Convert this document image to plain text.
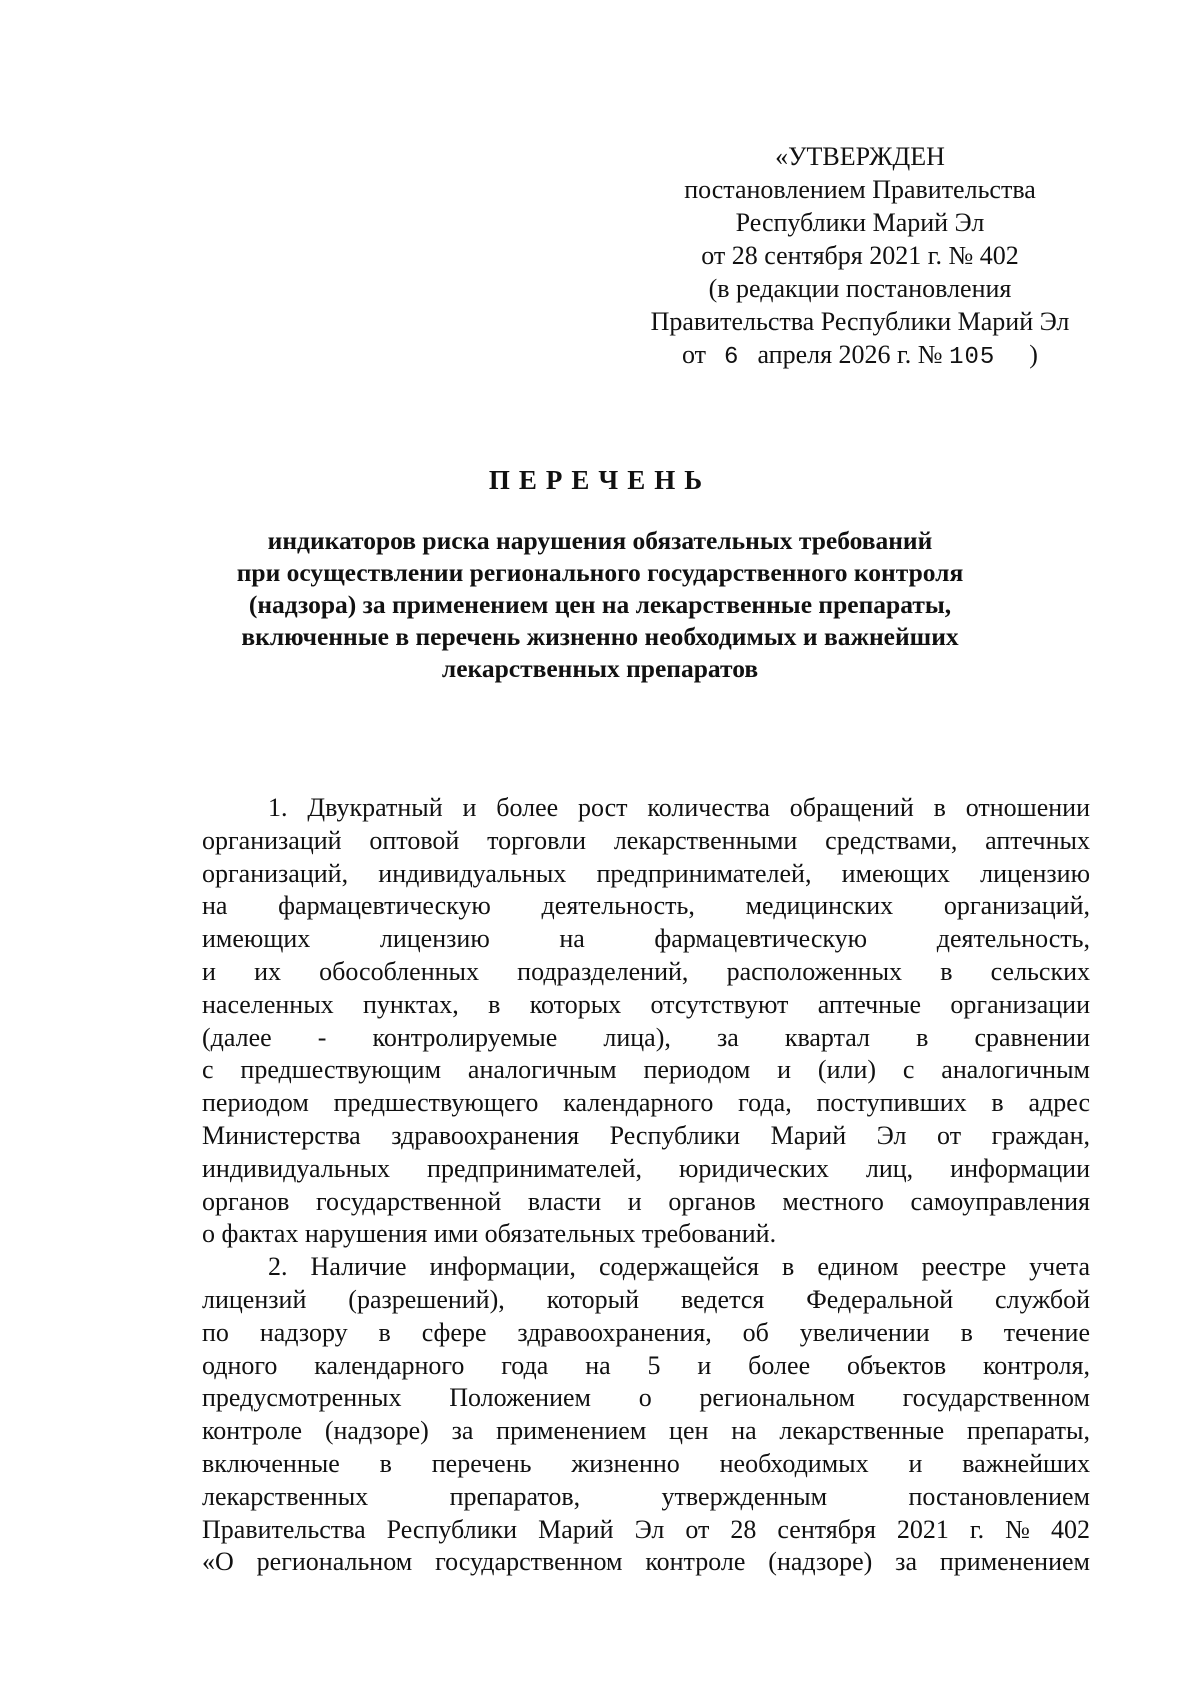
«УТВЕРЖДЕН
постановлением Правительства
Республики Марий Эл
от 28 сентября 2021 г. № 402
(в редакции постановления
Правительства Республики Марий Эл
от 6 апреля 2026 г. № 105 )
ПЕРЕЧЕНЬ
индикаторов риска нарушения обязательных требований
при осуществлении регионального государственного контроля
(надзора) за применением цен на лекарственные препараты,
включенные в перечень жизненно необходимых и важнейших
лекарственных препаратов
1. Двукратный и более рост количества обращений в отношении
организаций оптовой торговли лекарственными средствами, аптечных
организаций, индивидуальных предпринимателей, имеющих лицензию
на фармацевтическую деятельность, медицинских организаций,
имеющих лицензию на фармацевтическую деятельность,
и их обособленных подразделений, расположенных в сельских
населенных пунктах, в которых отсутствуют аптечные организации
(далее - контролируемые лица), за квартал в сравнении
с предшествующим аналогичным периодом и (или) с аналогичным
периодом предшествующего календарного года, поступивших в адрес
Министерства здравоохранения Республики Марий Эл от граждан,
индивидуальных предпринимателей, юридических лиц, информации
органов государственной власти и органов местного самоуправления
о фактах нарушения ими обязательных требований.
2. Наличие информации, содержащейся в едином реестре учета
лицензий (разрешений), который ведется Федеральной службой
по надзору в сфере здравоохранения, об увеличении в течение
одного календарного года на 5 и более объектов контроля,
предусмотренных Положением о региональном государственном
контроле (надзоре) за применением цен на лекарственные препараты,
включенные в перечень жизненно необходимых и важнейших
лекарственных препаратов, утвержденным постановлением
Правительства Республики Марий Эл от 28 сентября 2021 г. № 402
«О региональном государственном контроле (надзоре) за применением
